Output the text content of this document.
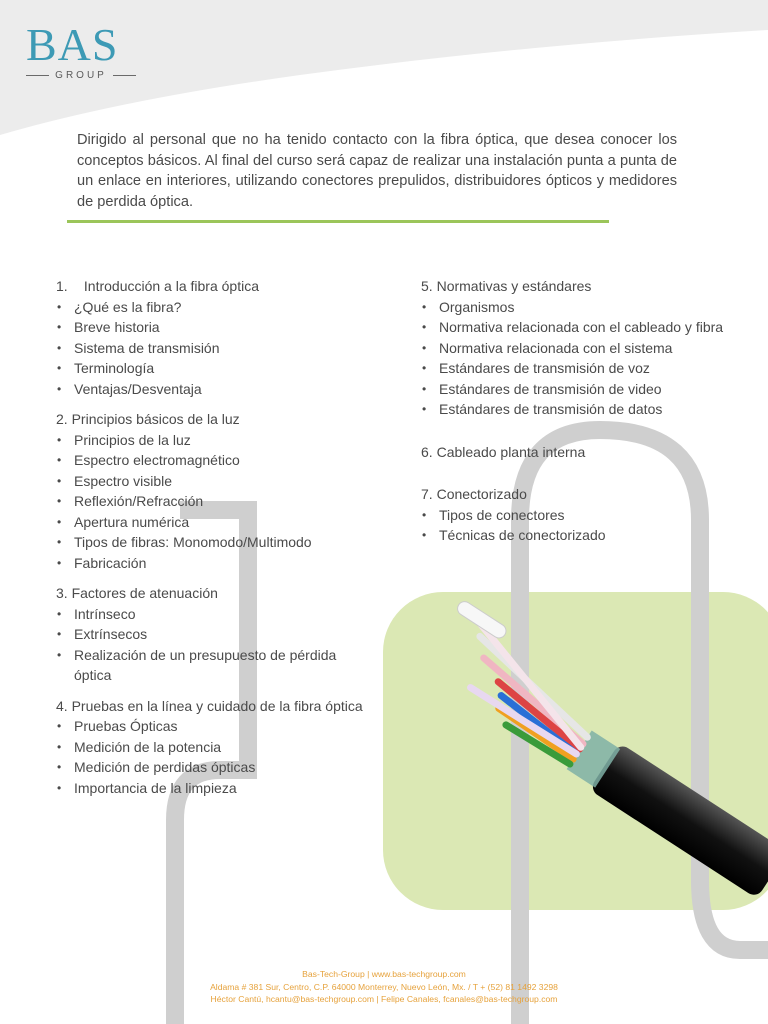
BAS
GROUP

Dirigido al personal que no ha tenido contacto con la fibra óptica, que desea conocer los conceptos básicos. Al final del curso será capaz de realizar una instalación punta a punta de un enlace en interiores, utilizando conectores prepulidos, distribuidores ópticos y medidores de perdida óptica.

1. Introducción a la fibra óptica
• ¿Qué es la fibra?
• Breve historia
• Sistema de transmisión
• Terminología
• Ventajas/Desventaja
2. Principios básicos de la luz
• Principios de la luz
• Espectro electromagnético
• Espectro visible
• Reflexión/Refracción
• Apertura numérica
• Tipos de fibras: Monomodo/Multimodo
• Fabricación
3. Factores de atenuación
• Intrínseco
• Extrínsecos
• Realización de un presupuesto de pérdida óptica
4. Pruebas en la línea y cuidado de la fibra óptica
• Pruebas Ópticas
• Medición de la potencia
• Medición de perdidas ópticas
• Importancia de la limpieza
5. Normativas y estándares
• Organismos
• Normativa relacionada con el cableado y fibra
• Normativa relacionada con el sistema
• Estándares de transmisión de voz
• Estándares de transmisión de video
• Estándares de transmisión de datos
6. Cableado planta interna
7. Conectorizado
• Tipos de conectores
• Técnicas de conectorizado
Bas-Tech-Group | www.bas-techgroup.com
Aldama # 381 Sur, Centro, C.P. 64000 Monterrey, Nuevo León, Mx. / T + (52) 81 1492 3298
Héctor Cantú, hcantu@bas-techgroup.com | Felipe Canales, fcanales@bas-techgroup.com
